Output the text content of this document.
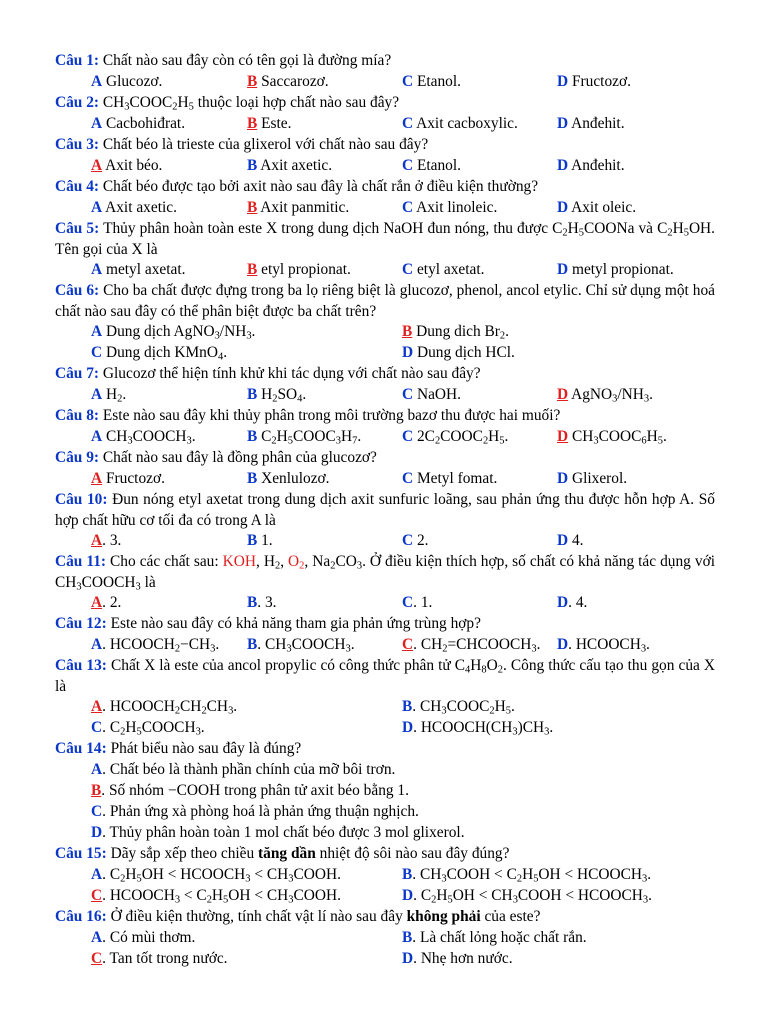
Câu 1: Chất nào sau đây còn có tên gọi là đường mía?
A Glucozơ.	B Saccarozơ.	C Etanol.	D Fructozơ.
Câu 2: $CH_3COOC_2H_5$ thuộc loại hợp chất nào sau đây?
A Cacbohiđrat.	B Este.	C Axit cacboxylic.	D Anđehit.
Câu 3: Chất béo là trieste của glixerol với chất nào sau đây?
A Axit béo.	B Axit axetic.	C Etanol.	D Anđehit.
Câu 4: Chất béo được tạo bởi axit nào sau đây là chất rắn ở điều kiện thường?
A Axit axetic.	B Axit panmitic.	C Axit linoleic.	D Axit oleic.
Câu 5: Thủy phân hoàn toàn este X trong dung dịch NaOH đun nóng, thu được $C_2H_5COONa$ và $C_2H_5OH$. Tên gọi của X là
A metyl axetat.	B etyl propionat.	C etyl axetat.	D metyl propionat.
Câu 6: Cho ba chất được đựng trong ba lọ riêng biệt là glucozơ, phenol, ancol etylic. Chỉ sử dụng một hoá chất nào sau đây có thể phân biệt được ba chất trên?
A Dung dịch $AgNO_3/NH_3$.	B Dung dich $Br_2$.
C Dung dịch KMnO$_4$.	D Dung dịch HCl.
Câu 7: Glucozơ thể hiện tính khử khi tác dụng với chất nào sau đây?
A $H_2$.	B $H_2SO_4$.	C NaOH.	D $AgNO_3/NH_3$.
Câu 8: Este nào sau đây khi thủy phân trong môi trường bazơ thu được hai muối?
A $CH_3COOCH_3$.	B $C_2H_5COOC_3H_7$.	C $2C_2COOC_2H_5$.	D $CH_3COOC_6H_5$.
Câu 9: Chất nào sau đây là đồng phân của glucozơ?
A Fructozơ.	B Xenlulozơ.	C Metyl fomat.	D Glixerol.
Câu 10: Đun nóng etyl axetat trong dung dịch axit sunfuric loãng, sau phản ứng thu được hỗn hợp A. Số hợp chất hữu cơ tối đa có trong A là
A. 3.	B 1.	C 2.	D 4.
Câu 11: Cho các chất sau: KOH, $H_2$, $O_2$, $Na_2CO_3$. Ở điều kiện thích hợp, số chất có khả năng tác dụng với $CH_3COOCH_3$ là
A. 2.	B. 3.	C. 1.	D. 4.
Câu 12: Este nào sau đây có khả năng tham gia phản ứng trùng hợp?
A. $HCOOCH_2-CH_3$. B. $CH_3COOCH_3$.	C. $CH_2=CHCOOCH_3$. D. $HCOOCH_3$.
Câu 13: Chất X là este của ancol propylic có công thức phân tử $C_4H_8O_2$. Công thức cấu tạo thu gọn của X là
A. $HCOOCH_2CH_2CH_3$.	B. $CH_3COOC_2H_5$.
C. $C_2H_5COOCH_3$.	D. $HCOOCH(CH_3)CH_3$.
Câu 14: Phát biểu nào sau đây là đúng?
A. Chất béo là thành phần chính của mỡ bôi trơn.
B. Số nhóm −COOH trong phân tử axit béo bằng 1.
C. Phản ứng xà phòng hoá là phản ứng thuận nghịch.
D. Thủy phân hoàn toàn 1 mol chất béo được 3 mol glixerol.
Câu 15: Dãy sắp xếp theo chiều tăng dần nhiệt độ sôi nào sau đây đúng?
A. $C_2H_5OH$ < $HCOOCH_3$ < $CH_3COOH$.	B. $CH_3COOH < C_2H_5OH$ < $HCOOCH_3$.
C. $HCOOCH_3 < C_2H_5OH$ < $CH_3COOH$.	D. $C_2H_5OH$ < $CH_3COOH$ < $HCOOCH_3$.
Câu 16: Ở điều kiện thường, tính chất vật lí nào sau đây không phải của este?
A. Có mùi thơm.	B. Là chất lỏng hoặc chất rắn.
C. Tan tốt trong nước.	D. Nhẹ hơn nước.
